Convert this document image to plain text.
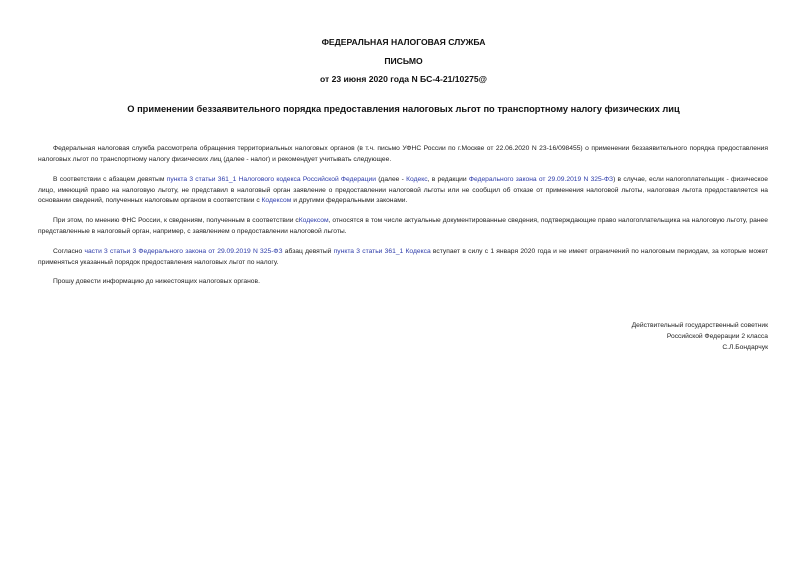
ФЕДЕРАЛЬНАЯ НАЛОГОВАЯ СЛУЖБА
ПИСЬМО
от 23 июня 2020 года N БС-4-21/10275@
О применении беззаявительного порядка предоставления налоговых льгот по транспортному налогу физических лиц

Федеральная налоговая служба рассмотрела обращения территориальных налоговых органов (в т.ч. письмо УФНС России по г.Москве от 22.06.2020 N 23-16/098455) о применении беззаявительного порядка предоставления налоговых льгот по транспортному налогу физических лиц (далее - налог) и рекомендует учитывать следующее.

В соответствии с абзацем девятым пункта 3 статьи 361_1 Налогового кодекса Российской Федерации (далее - Кодекс, в редакции Федерального закона от 29.09.2019 N 325-ФЗ) в случае, если налогоплательщик - физическое лицо, имеющий право на налоговую льготу, не представил в налоговый орган заявление о предоставлении налоговой льготы или не сообщил об отказе от применения налоговой льготы, налоговая льгота предоставляется на основании сведений, полученных налоговым органом в соответствии с Кодексом и другими федеральными законами.

При этом, по мнению ФНС России, к сведениям, полученным в соответствии сКодексом, относятся в том числе актуальные документированные сведения, подтверждающие право налогоплательщика на налоговую льготу, ранее представленные в налоговый орган, например, с заявлением о предоставлении налоговой льготы.

Согласно части 3 статьи 3 Федерального закона от 29.09.2019 N 325-ФЗ абзац девятый пункта 3 статьи 361_1 Кодекса вступает в силу с 1 января 2020 года и не имеет ограничений по налоговым периодам, за которые может применяться указанный порядок предоставления налоговых льгот по налогу.

Прошу довести информацию до нижестоящих налоговых органов.

Действительный государственный советник
Российской Федерации 2 класса
С.Л.Бондарчук
